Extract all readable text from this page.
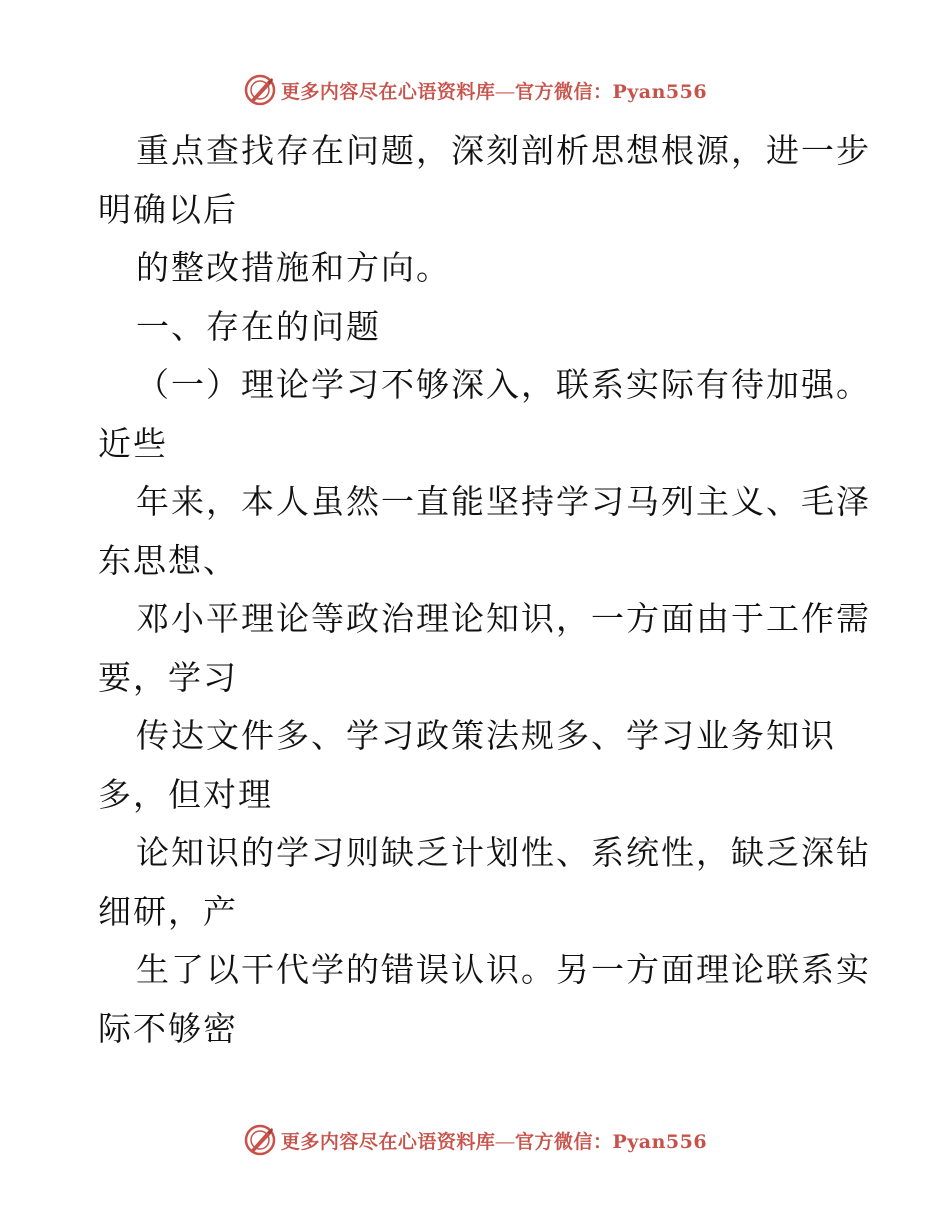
更多内容尽在心语资料库—官方微信：Pyan556
重点查找存在问题，深刻剖析思想根源，进一步
明确以后
的整改措施和方向。
一、存在的问题
（一）理论学习不够深入，联系实际有待加强。
近些
年来，本人虽然一直能坚持学习马列主义、毛泽
东思想、
邓小平理论等政治理论知识，一方面由于工作需
要，学习
传达文件多、学习政策法规多、学习业务知识
多，但对理
论知识的学习则缺乏计划性、系统性，缺乏深钻
细研，产
生了以干代学的错误认识。另一方面理论联系实
际不够密
更多内容尽在心语资料库—官方微信：Pyan556
